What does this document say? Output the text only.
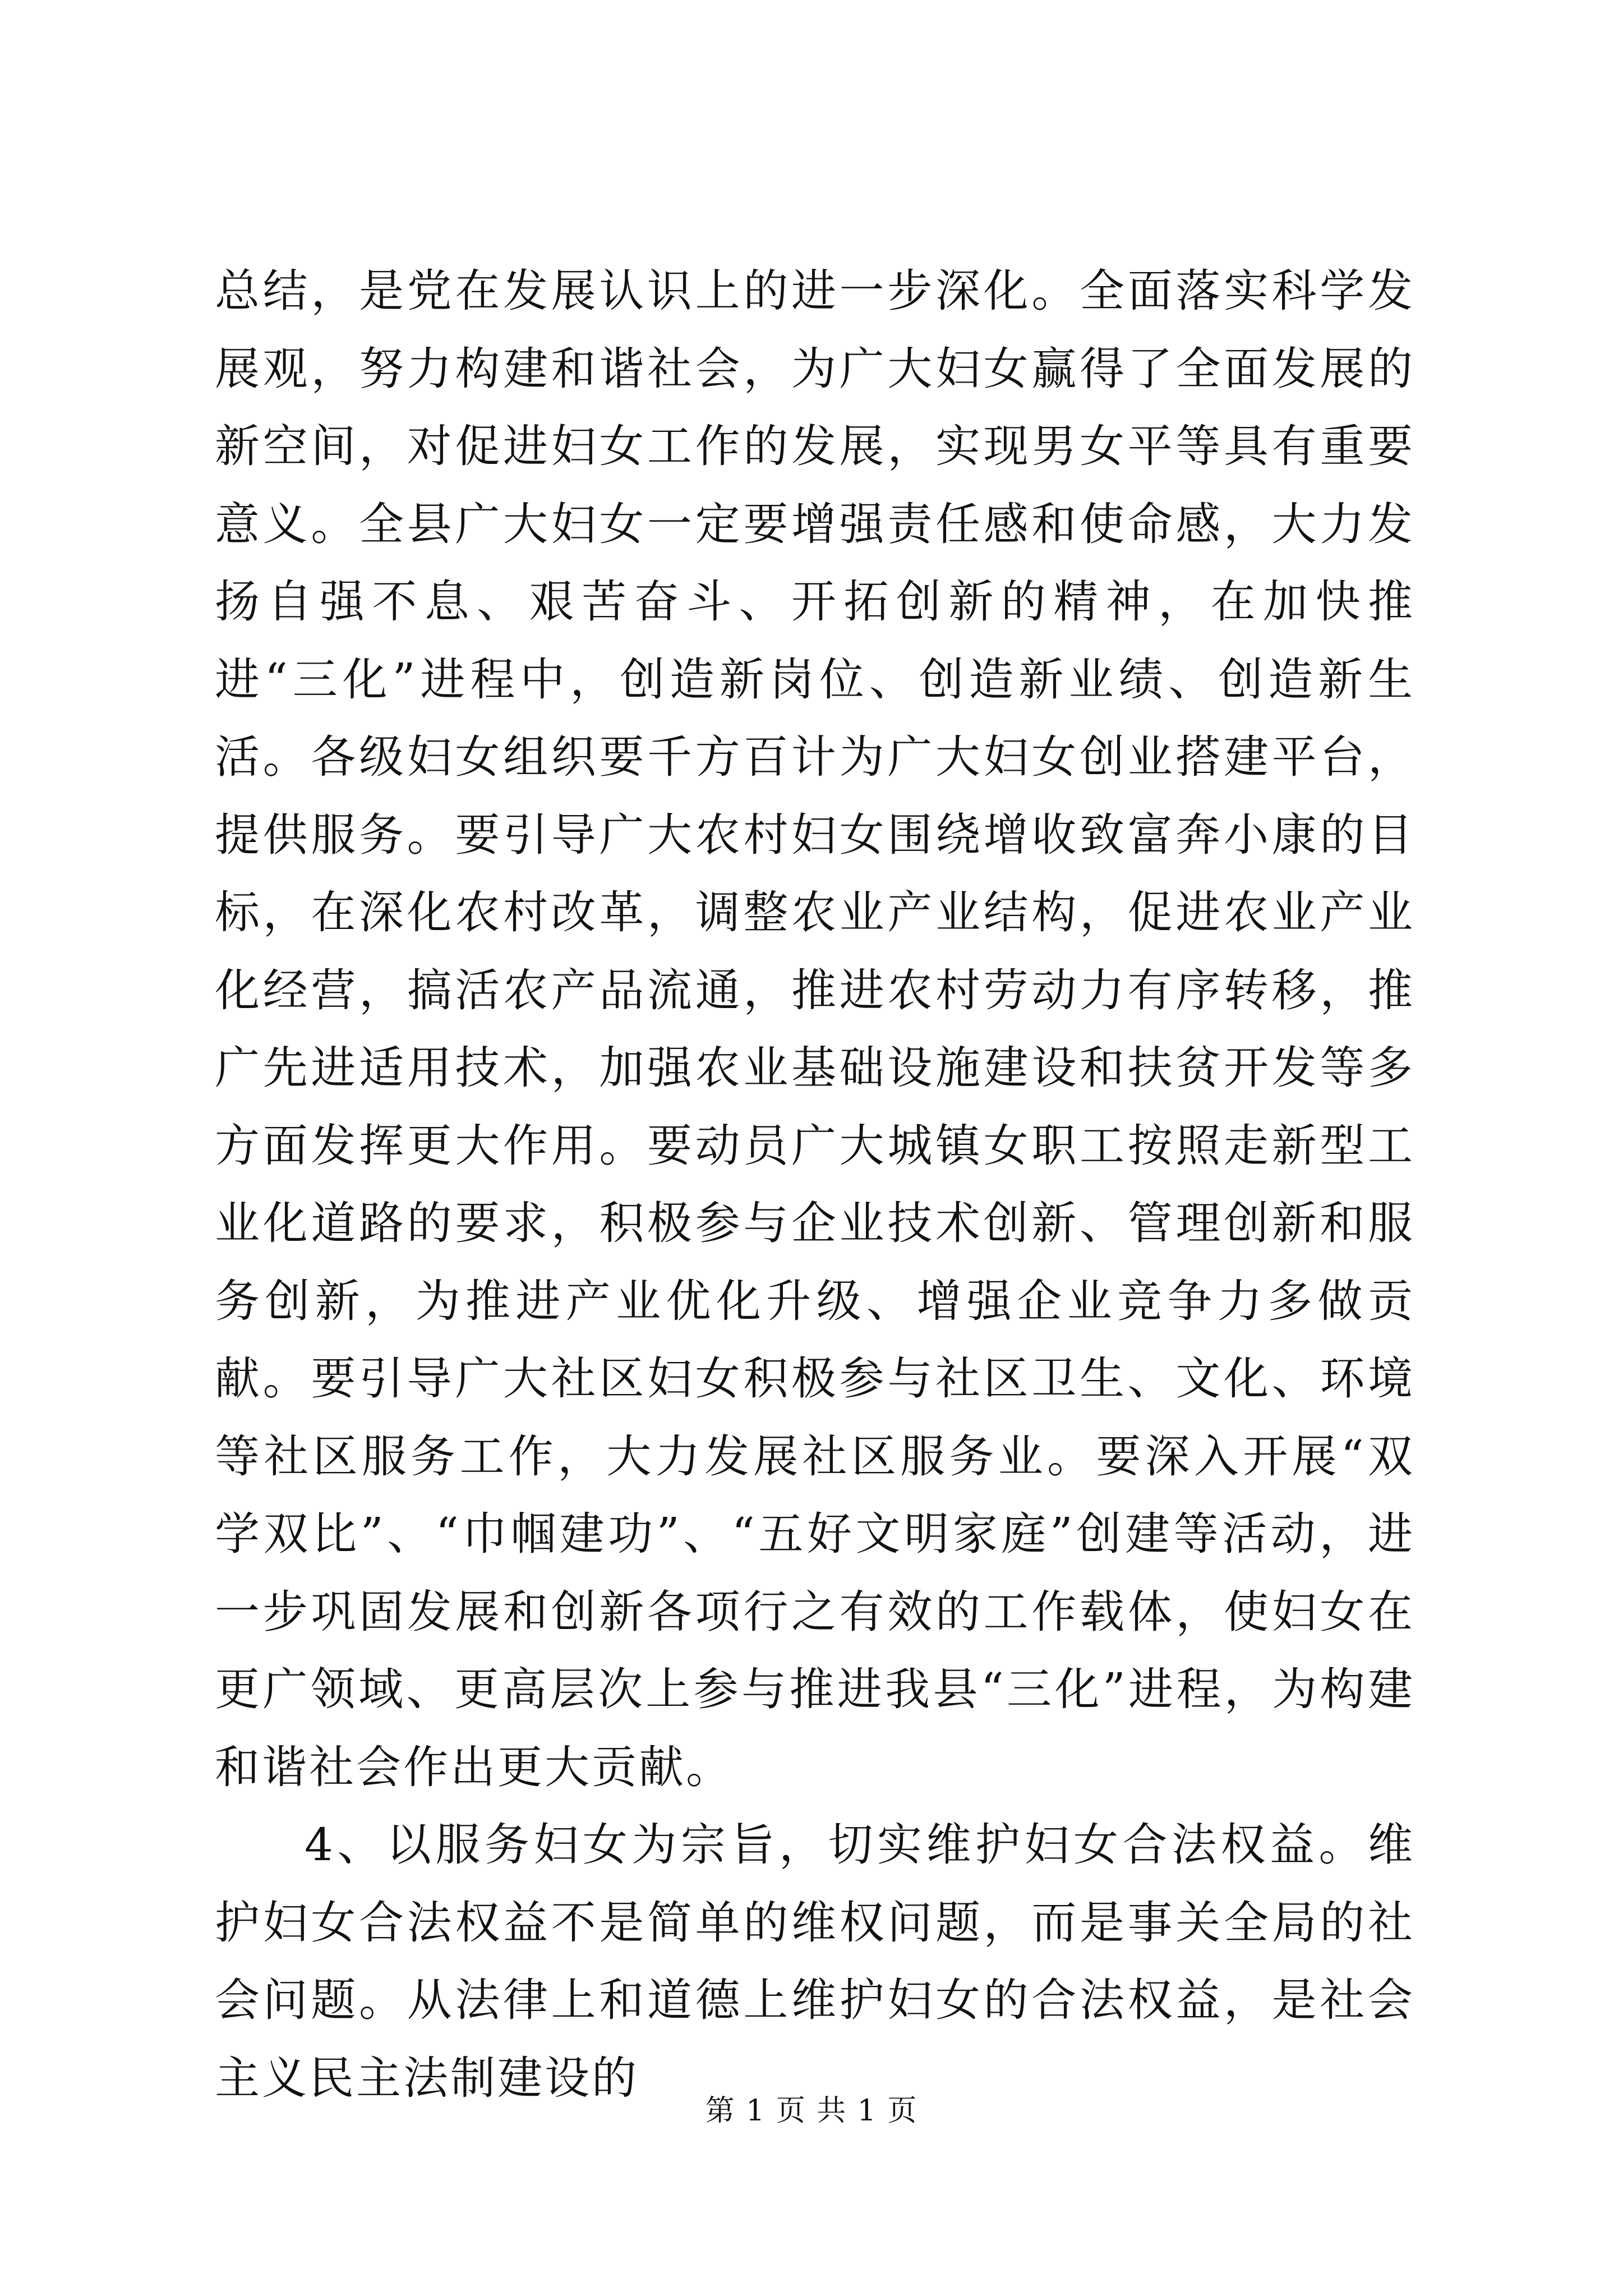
总结，是党在发展认识上的进一步深化。全面落实科学发展观，努力构建和谐社会，为广大妇女赢得了全面发展的新空间，对促进妇女工作的发展，实现男女平等具有重要意义。全县广大妇女一定要增强责任感和使命感，大力发扬自强不息、艰苦奋斗、开拓创新的精神，在加快推进“三化”进程中，创造新岗位、创造新业绩、创造新生活。各级妇女组织要千方百计为广大妇女创业搭建平台，提供服务。要引导广大农村妇女围绕增收致富奔小康的目标，在深化农村改革，调整农业产业结构，促进农业产业化经营，搞活农产品流通，推进农村劳动力有序转移，推广先进适用技术，加强农业基础设施建设和扶贫开发等多方面发挥更大作用。要动员广大城镇女职工按照走新型工业化道路的要求，积极参与企业技术创新、管理创新和服务创新，为推进产业优化升级、增强企业竞争力多做贡献。要引导广大社区妇女积极参与社区卫生、文化、环境等社区服务工作，大力发展社区服务业。要深入开展“双学双比”、“巾帼建功”、“五好文明家庭”创建等活动，进一步巩固发展和创新各项行之有效的工作载体，使妇女在更广领域、更高层次上参与推进我县“三化”进程，为构建和谐社会作出更大贡献。

4、以服务妇女为宗旨，切实维护妇女合法权益。维护妇女合法权益不是简单的维权问题，而是事关全局的社会问题。从法律上和道德上维护妇女的合法权益，是社会主义民主法制建设的

第 1 页 共 1 页
